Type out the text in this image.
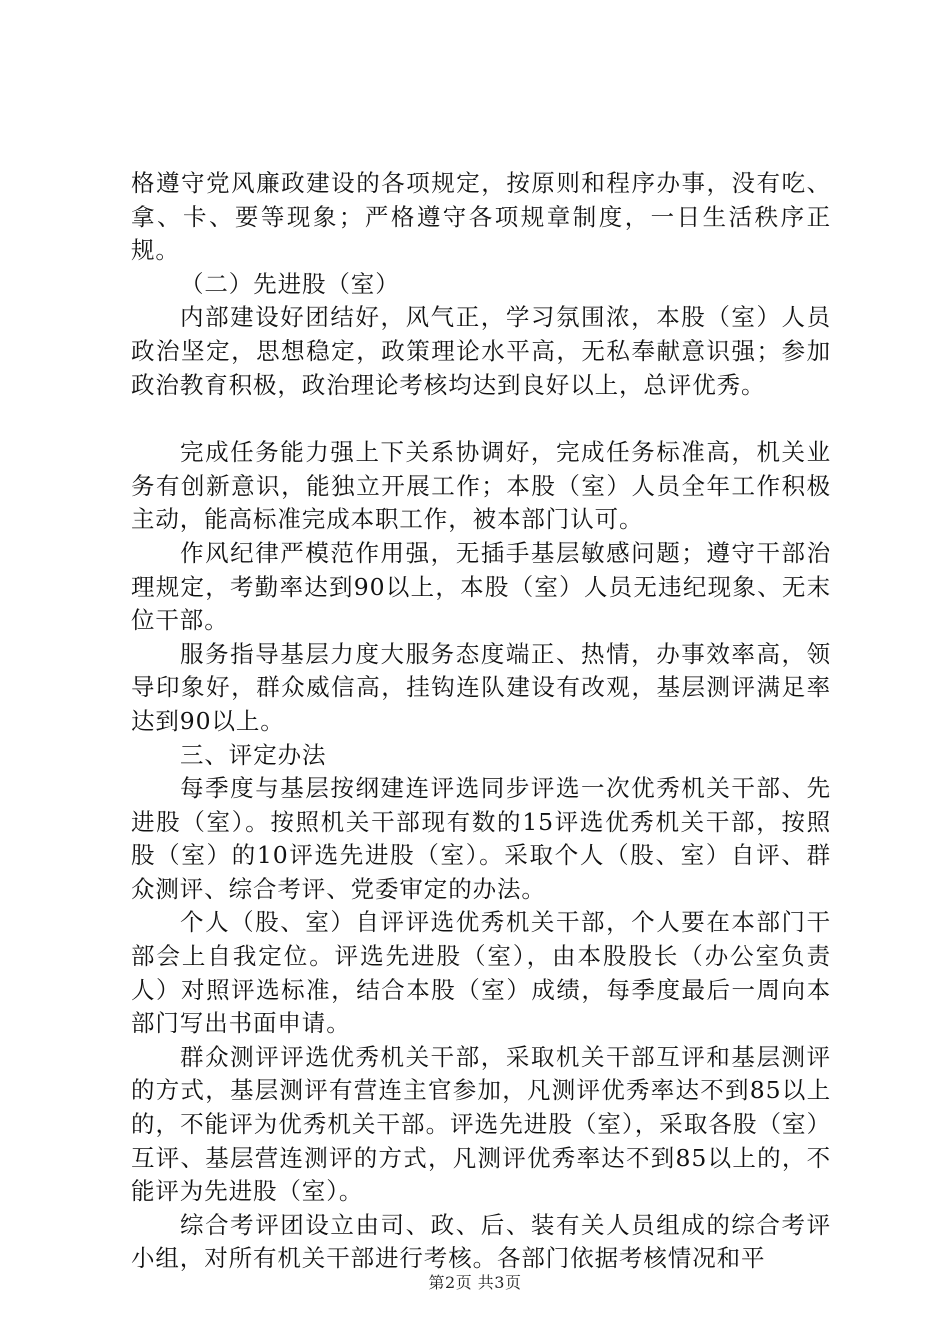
格遵守党风廉政建设的各项规定，按原则和程序办事，没有吃、拿、卡、要等现象；严格遵守各项规章制度，一日生活秩序正规。

（二）先进股（室）

内部建设好团结好，风气正，学习氛围浓，本股（室）人员政治坚定，思想稳定，政策理论水平高，无私奉献意识强；参加政治教育积极，政治理论考核均达到良好以上，总评优秀。

完成任务能力强上下关系协调好，完成任务标准高，机关业务有创新意识，能独立开展工作；本股（室）人员全年工作积极主动，能高标准完成本职工作，被本部门认可。

作风纪律严模范作用强，无插手基层敏感问题；遵守干部治理规定，考勤率达到90以上，本股（室）人员无违纪现象、无末位干部。

服务指导基层力度大服务态度端正、热情，办事效率高，领导印象好，群众威信高，挂钩连队建设有改观，基层测评满足率达到90以上。

三、评定办法

每季度与基层按纲建连评选同步评选一次优秀机关干部、先进股（室）。按照机关干部现有数的15评选优秀机关干部，按照股（室）的10评选先进股（室）。采取个人（股、室）自评、群众测评、综合考评、党委审定的办法。

个人（股、室）自评评选优秀机关干部，个人要在本部门干部会上自我定位。评选先进股（室），由本股股长（办公室负责人）对照评选标准，结合本股（室）成绩，每季度最后一周向本部门写出书面申请。

群众测评评选优秀机关干部，采取机关干部互评和基层测评的方式，基层测评有营连主官参加，凡测评优秀率达不到85以上的，不能评为优秀机关干部。评选先进股（室），采取各股（室）互评、基层营连测评的方式，凡测评优秀率达不到85以上的，不能评为先进股（室）。

综合考评团设立由司、政、后、装有关人员组成的综合考评小组，对所有机关干部进行考核。各部门依据考核情况和平

第2页 共3页
